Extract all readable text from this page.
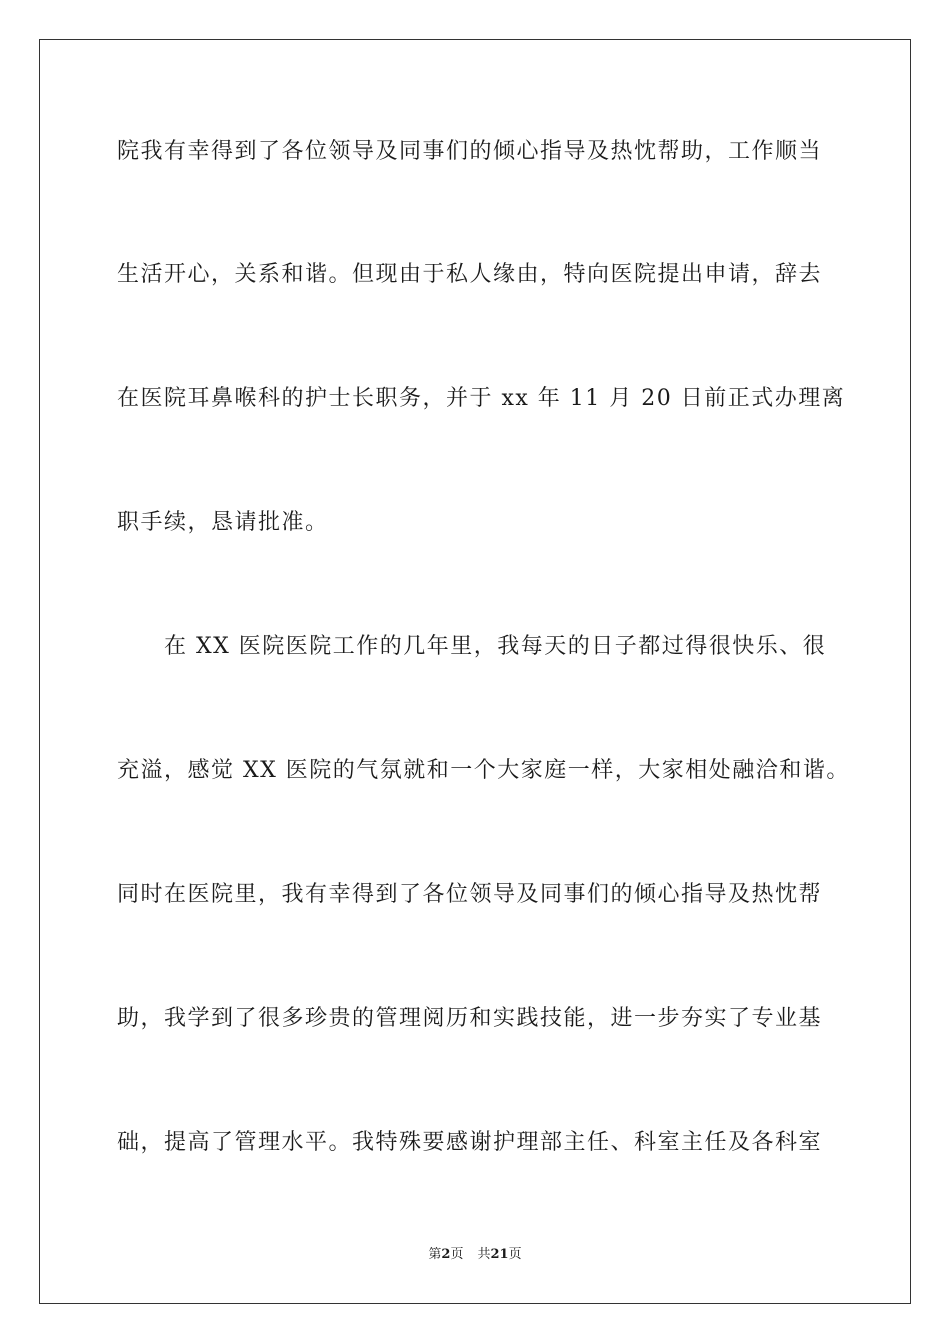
院我有幸得到了各位领导及同事们的倾心指导及热忱帮助，工作顺当

生活开心，关系和谐。但现由于私人缘由，特向医院提出申请，辞去

在医院耳鼻喉科的护士长职务，并于 xx 年 11 月 20 日前正式办理离

职手续，恳请批准。

在 XX 医院医院工作的几年里，我每天的日子都过得很快乐、很

充溢，感觉 XX 医院的气氛就和一个大家庭一样，大家相处融洽和谐。

同时在医院里，我有幸得到了各位领导及同事们的倾心指导及热忱帮

助，我学到了很多珍贵的管理阅历和实践技能，进一步夯实了专业基

础，提高了管理水平。我特殊要感谢护理部主任、科室主任及各科室

第2页 共21页
